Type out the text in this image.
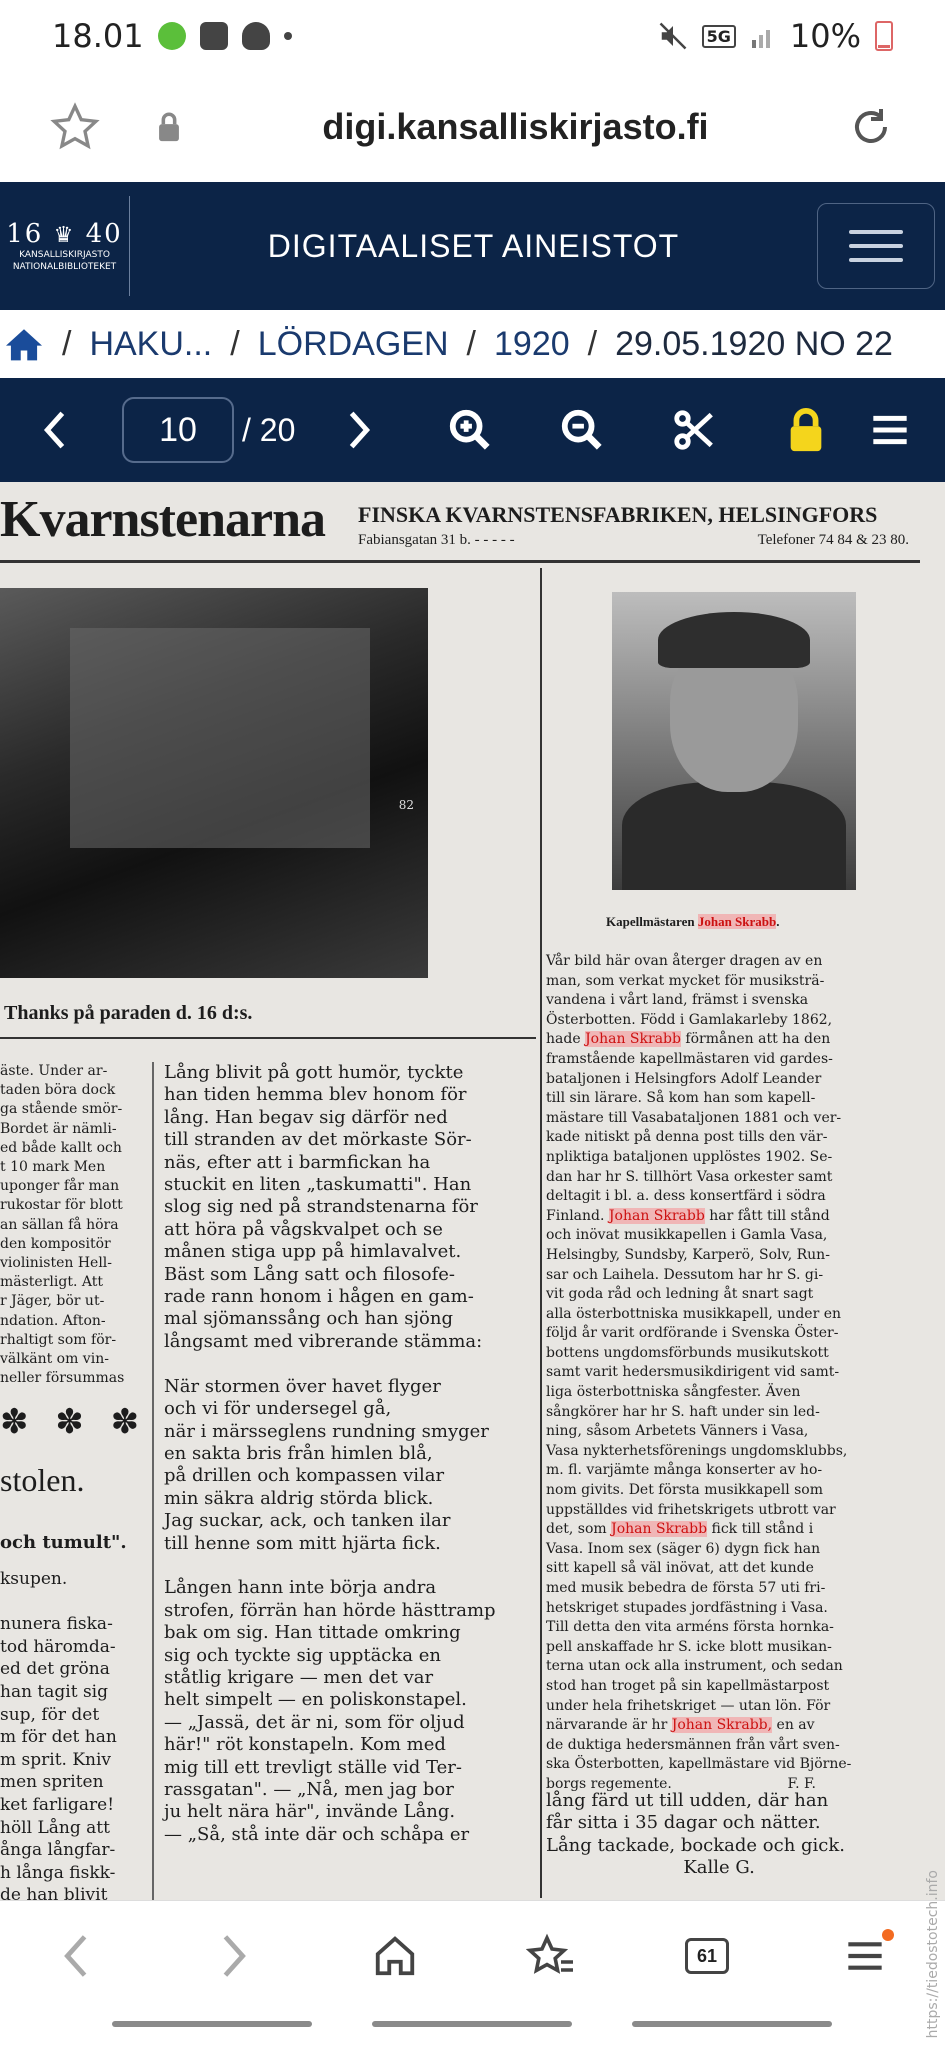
18.01	5G 10%
digi.kansalliskirjasto.fi
16 ♛ 40
KANSALLISKIRJASTO
NATIONALBIBLIOTEKET
DIGITAALISET AINEISTOT
/ HAKU... / LÖRDAGEN / 1920 / 29.05.1920 NO 22
10	/ 20
Kvarnstenarna FINSKA KVARNSTENSFABRIKEN, HELSINGFORS
Fabiansgatan 31 b. - - - - -	Telefoner 74 84 & 23 80.
82
Thanks på paraden d. 16 d:s.
Kapellmästaren Johan Skrabb.
äste. Under ar-
taden böra dock
ga stående smör-
Bordet är nämli-
ed både kallt och
t 10 mark Men
uponger får man
rukostar för blott
an sällan få höra
den kompositör
violinisten Hell-
mästerligt. Att
r Jäger, bör ut-
ndation. Afton-
rhaltigt som för-
välkänt om vin-
neller försummas
✽ ✽ ✽
stolen.
och tumult".
ksupen.

nunera fiska-
tod häromda-
ed det gröna
han tagit sig
sup, för det
m för det han
m sprit. Kniv
men spriten
ket farligare!
höll Lång att
ånga långfar-
h långa fiskk-
de han blivit
Lång blivit på gott humör, tyckte
han tiden hemma blev honom för
lång. Han begav sig därför ned
till stranden av det mörkaste Sör-
näs, efter att i barmfickan ha
stuckit en liten „taskumatti". Han
slog sig ned på strandstenarna för
att höra på vågskvalpet och se
månen stiga upp på himlavalvet.
Bäst som Lång satt och filosofe-
rade rann honom i hågen en gam-
mal sjömanssång och han sjöng
långsamt med vibrerande stämma:

När stormen över havet flyger
och vi för undersegel gå,
när i märsseglens rundning smyger
en sakta bris från himlen blå,
på drillen och kompassen vilar
min säkra aldrig störda blick.
Jag suckar, ack, och tanken ilar
till henne som mitt hjärta fick.

Lången hann inte börja andra
strofen, förrän han hörde hästtramp
bak om sig. Han tittade omkring
sig och tyckte sig upptäcka en
ståtlig krigare — men det var
helt simpelt — en poliskonstapel.
— „Jassä, det är ni, som för oljud
här!" röt konstapeln. Kom med
mig till ett trevligt ställe vid Ter-
rassgatan". — „Nå, men jag bor
ju helt nära här", invände Lång.
— „Så, stå inte där och schåpa er
Vår bild här ovan återger dragen av en
man, som verkat mycket för musiksträ-
vandena i vårt land, främst i svenska
Österbotten. Född i Gamlakarleby 1862,
hade Johan Skrabb förmånen att ha den
framstående kapellmästaren vid gardes-
bataljonen i Helsingfors Adolf Leander
till sin lärare. Så kom han som kapell-
mästare till Vasabataljonen 1881 och ver-
kade nitiskt på denna post tills den vär-
npliktiga bataljonen upplöstes 1902. Se-
dan har hr S. tillhört Vasa orkester samt
deltagit i bl. a. dess konsertfärd i södra
Finland. Johan Skrabb har fått till stånd
och inövat musikkapellen i Gamla Vasa,
Helsingby, Sundsby, Karperö, Solv, Run-
sar och Laihela. Dessutom har hr S. gi-
vit goda råd och ledning åt snart sagt
alla österbottniska musikkapell, under en
följd år varit ordförande i Svenska Öster-
bottens ungdomsförbunds musikutskott
samt varit hedersmusikdirigent vid samt-
liga österbottniska sångfester. Även
sångkörer har hr S. haft under sin led-
ning, såsom Arbetets Vänners i Vasa,
Vasa nykterhetsförenings ungdomsklubbs,
m. fl. varjämte många konserter av ho-
nom givits. Det första musikkapell som
uppställdes vid frihetskrigets utbrott var
det, som Johan Skrabb fick till stånd i
Vasa. Inom sex (säger 6) dygn fick han
sitt kapell så väl inövat, att det kunde
med musik bebedra de första 57 uti fri-
hetskriget stupades jordfästning i Vasa.
Till detta den vita arméns första hornka-
pell anskaffade hr S. icke blott musikan-
terna utan ock alla instrument, och sedan
stod han troget på sin kapellmästarpost
under hela frihetskriget — utan lön. För
närvarande är hr Johan Skrabb, en av
de duktiga hedersmännen från vårt sven-
ska Österbotten, kapellmästare vid Björne-
borgs regemente.                          F. F.
lång färd ut till udden, där han
får sitta i 35 dagar och nätter.
Lång tackade, bockade och gick.
Kalle G.
61	https://tiedostotech.info
